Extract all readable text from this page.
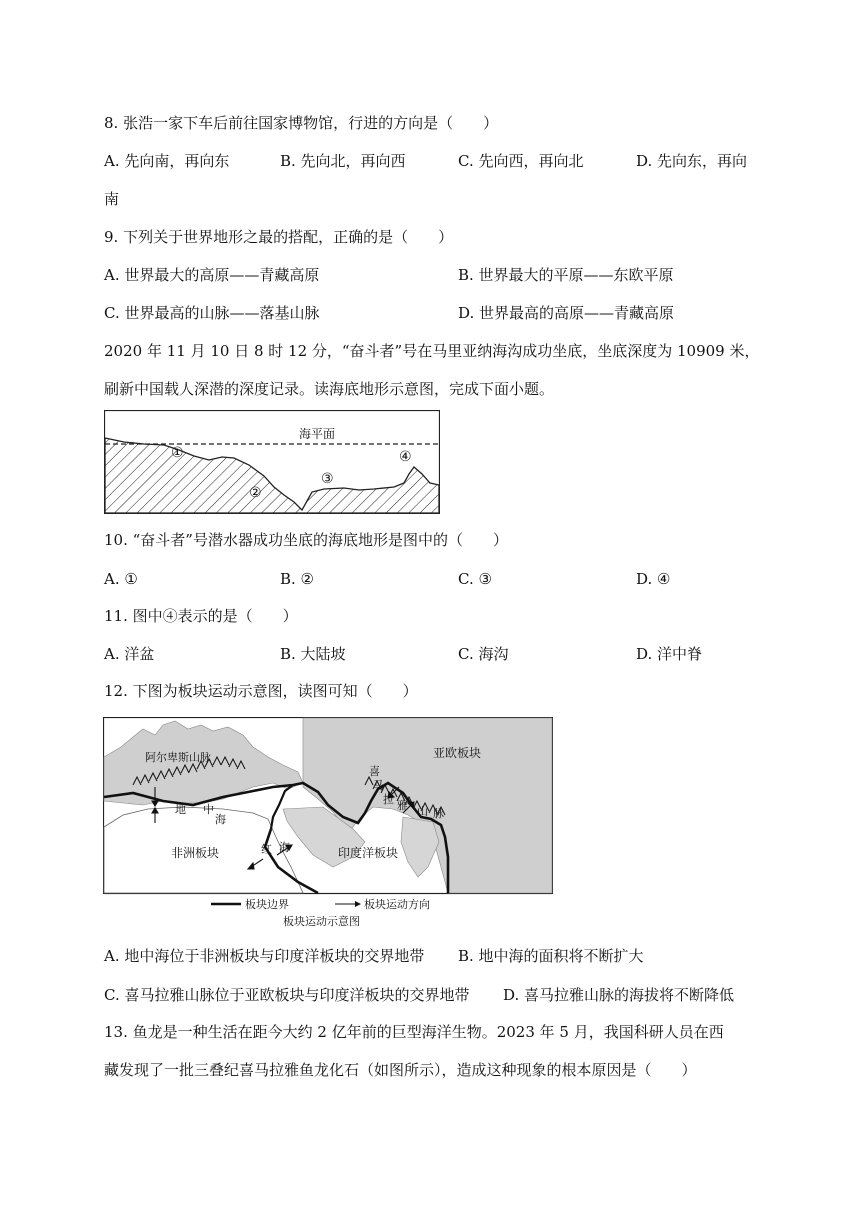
8. 张浩一家下车后前往国家博物馆，行进的方向是（　　）
A. 先向南，再向东	B. 先向北，再向西	C. 先向西，再向北	D. 先向东，再向
南
9. 下列关于世界地形之最的搭配，正确的是（　　）
A. 世界最大的高原——青藏高原	B. 世界最大的平原——东欧平原
C. 世界最高的山脉——落基山脉	D. 世界最高的高原——青藏高原
2020 年 11 月 10 日 8 时 12 分，“奋斗者”号在马里亚纳海沟成功坐底，坐底深度为 10909 米，
刷新中国载人深潜的深度记录。读海底地形示意图，完成下面小题。
海平面
①
②
③
④
10. “奋斗者”号潜水器成功坐底的海底地形是图中的（　　）
A. ①	B. ②	C. ③	D. ④
11. 图中④表示的是（　　）
A. 洋盆	B. 大陆坡	C. 海沟	D. 洋中脊
12. 下图为板块运动示意图，读图可知（　　）
阿尔卑斯山脉	亚欧板块
非洲板块	印度洋板块
地 中
海
喜
马
拉 雅 山 脉
红 海
板块边界	板块运动方向
板块运动示意图
A. 地中海位于非洲板块与印度洋板块的交界地带 B. 地中海的面积将不断扩大
C. 喜马拉雅山脉位于亚欧板块与印度洋板块的交界地带 D. 喜马拉雅山脉的海拔将不断降低
13. 鱼龙是一种生活在距今大约 2 亿年前的巨型海洋生物。2023 年 5 月，我国科研人员在西
藏发现了一批三叠纪喜马拉雅鱼龙化石（如图所示），造成这种现象的根本原因是（　　）
